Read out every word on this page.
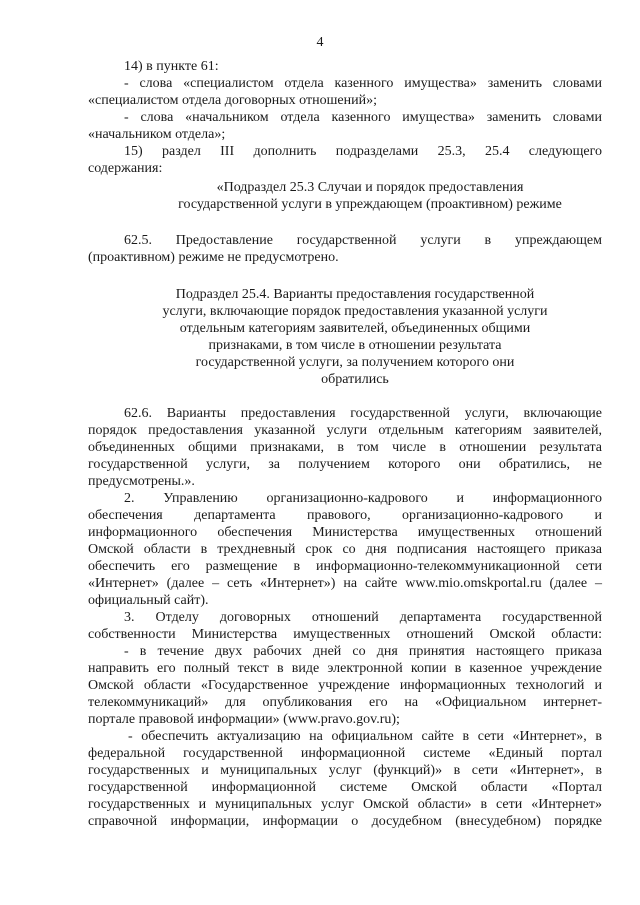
4
14) в пункте 61:
- слова «специалистом отдела казенного имущества» заменить словами
«специалистом отдела договорных отношений»;
- слова «начальником отдела казенного имущества» заменить словами
«начальником отдела»;
15) раздел III дополнить подразделами 25.3, 25.4 следующего
содержания:
«Подраздел 25.3 Случаи и порядок предоставления
государственной услуги в упреждающем (проактивном) режиме
62.5. Предоставление государственной услуги в упреждающем
(проактивном) режиме не предусмотрено.
Подраздел 25.4. Варианты предоставления государственной
услуги, включающие порядок предоставления указанной услуги
отдельным категориям заявителей, объединенных общими
признаками, в том числе в отношении результата
государственной услуги, за получением которого они
обратились
62.6. Варианты предоставления государственной услуги, включающие
порядок предоставления указанной услуги отдельным категориям заявителей,
объединенных общими признаками, в том числе в отношении результата
государственной услуги, за получением которого они обратились, не
предусмотрены.».
2. Управлению организационно-кадрового и информационного
обеспечения департамента правового, организационно-кадрового и
информационного обеспечения Министерства имущественных отношений
Омской области в трехдневный срок со дня подписания настоящего приказа
обеспечить его размещение в информационно-телекоммуникационной сети
«Интернет» (далее – сеть «Интернет») на сайте www.mio.omskportal.ru (далее –
официальный сайт).
3. Отделу договорных отношений департамента государственной
собственности Министерства имущественных отношений Омской области:
- в течение двух рабочих дней со дня принятия настоящего приказа
направить его полный текст в виде электронной копии в казенное учреждение
Омской области «Государственное учреждение информационных технологий и
телекоммуникаций» для опубликования его на «Официальном интернет-
портале правовой информации» (www.pravo.gov.ru);
- обеспечить актуализацию на официальном сайте в сети «Интернет», в
федеральной государственной информационной системе «Единый портал
государственных и муниципальных услуг (функций)» в сети «Интернет», в
государственной информационной системе Омской области «Портал
государственных и муниципальных услуг Омской области» в сети «Интернет»
справочной информации, информации о досудебном (внесудебном) порядке
